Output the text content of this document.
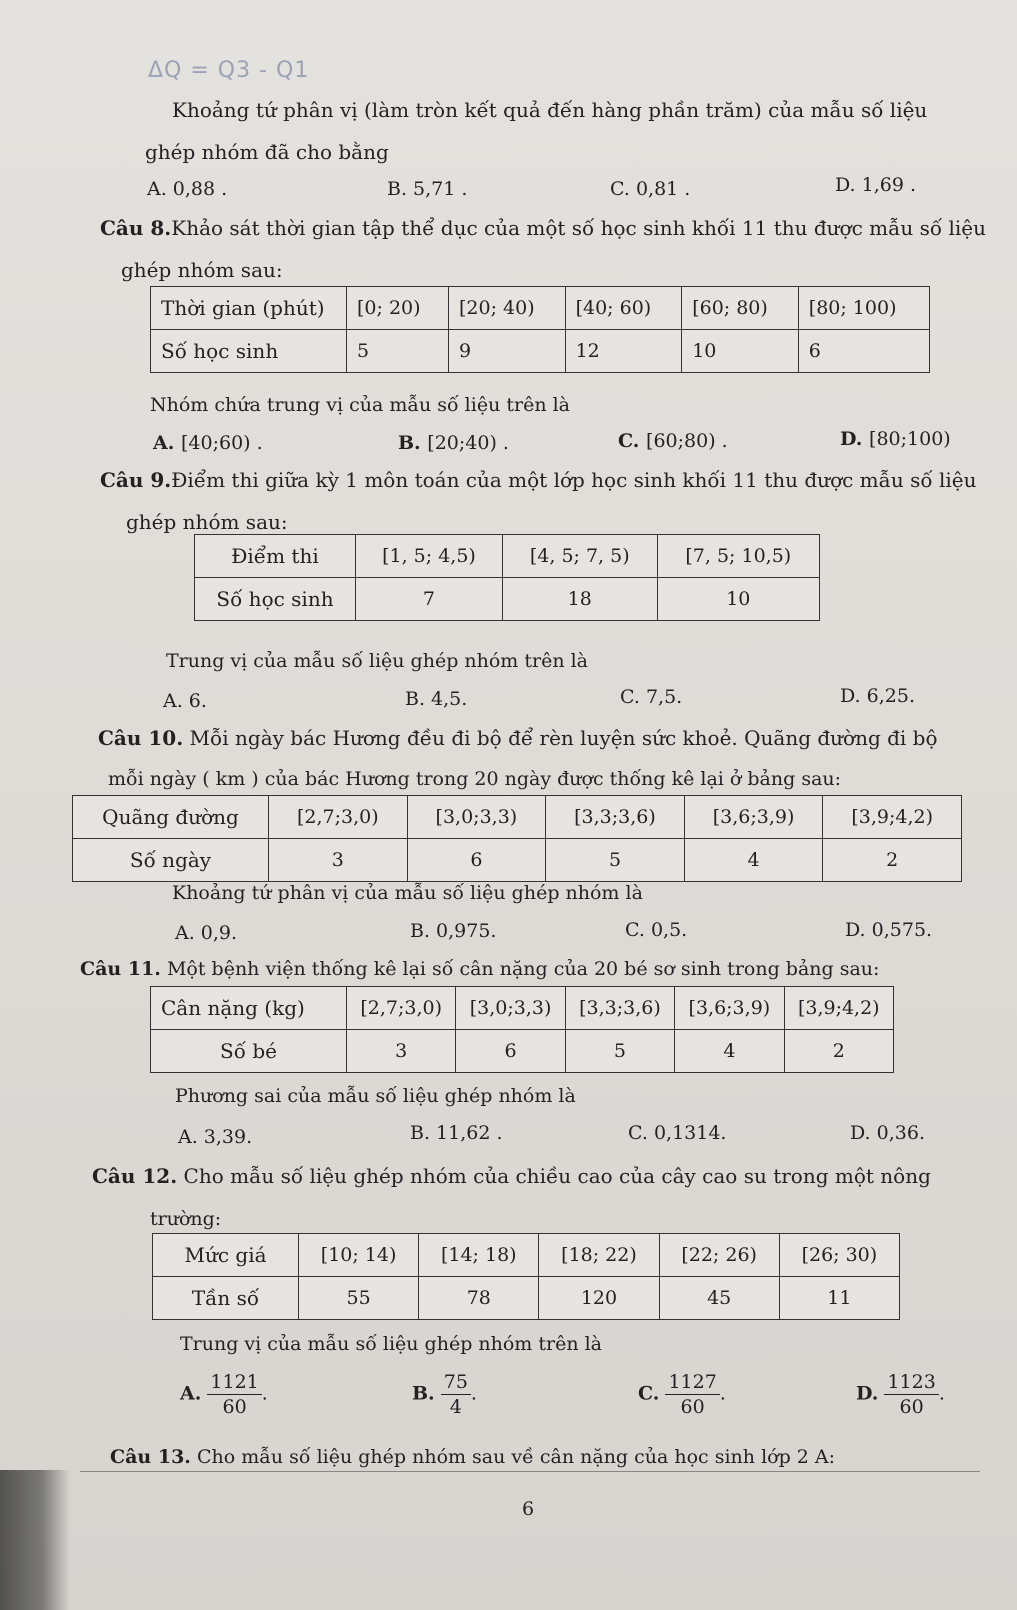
ΔQ = Q3 - Q1
Khoảng tứ phân vị (làm tròn kết quả đến hàng phần trăm) của mẫu số liệu
ghép nhóm đã cho bằng
A. 0,88 .	B. 5,71 .	C. 0,81 .	D. 1,69 .
Câu 8.Khảo sát thời gian tập thể dục của một số học sinh khối 11 thu được mẫu số liệu
ghép nhóm sau:
Thời gian (phút)	[0; 20)	[20; 40)	[40; 60)	[60; 80)	[80; 100)
Số học sinh	5	9	12	10	6
Nhóm chứa trung vị của mẫu số liệu trên là
A. [40;60) .	B. [20;40) .	C. [60;80) .	D. [80;100)
Câu 9.Điểm thi giữa kỳ 1 môn toán của một lớp học sinh khối 11 thu được mẫu số liệu
ghép nhóm sau:
Điểm thi	[1, 5; 4,5)	[4, 5; 7, 5)	[7, 5; 10,5)
Số học sinh	7	18	10
Trung vị của mẫu số liệu ghép nhóm trên là
A. 6.	B. 4,5.	C. 7,5.	D. 6,25.
Câu 10. Mỗi ngày bác Hương đều đi bộ để rèn luyện sức khoẻ. Quãng đường đi bộ
mỗi ngày ( km ) của bác Hương trong 20 ngày được thống kê lại ở bảng sau:
Quãng đường	[2,7;3,0)	[3,0;3,3)	[3,3;3,6)	[3,6;3,9)	[3,9;4,2)
Số ngày	3	6	5	4	2
Khoảng tứ phân vị của mẫu số liệu ghép nhóm là
A. 0,9.	B. 0,975.	C. 0,5.	D. 0,575.
Câu 11. Một bệnh viện thống kê lại số cân nặng của 20 bé sơ sinh trong bảng sau:
Cân nặng (kg)	[2,7;3,0)	[3,0;3,3)	[3,3;3,6)	[3,6;3,9)	[3,9;4,2)
Số bé	3	6	5	4	2
Phương sai của mẫu số liệu ghép nhóm là
A. 3,39.	B. 11,62 .	C. 0,1314.	D. 0,36.
Câu 12. Cho mẫu số liệu ghép nhóm của chiều cao của cây cao su trong một nông
trường:
Mức giá	[10; 14)	[14; 18)	[18; 22)	[22; 26)	[26; 30)
Tần số	55	78	120	45	11
Trung vị của mẫu số liệu ghép nhóm trên là
A. $\frac{1121}{60}$ .	B. $\frac{75}{4}$ .	C. $\frac{1127}{60}$ .	D. $\frac{1123}{60}$ .
Câu 13. Cho mẫu số liệu ghép nhóm sau về cân nặng của học sinh lớp 2 A:
6
